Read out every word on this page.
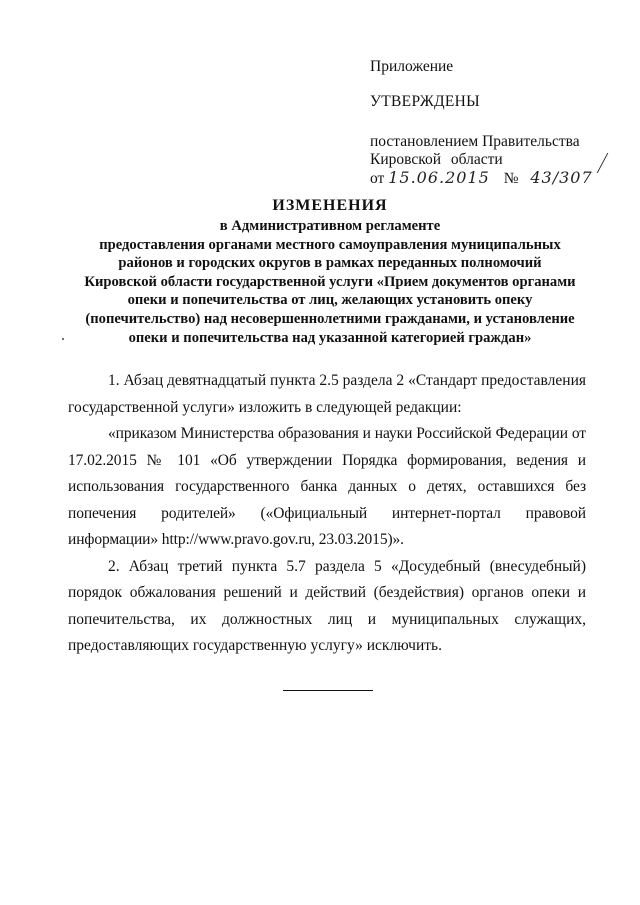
Приложение
УТВЕРЖДЕНЫ
постановлением Правительства
Кировской области
от 15.06.2015 № 43/307
ИЗМЕНЕНИЯ
в Административном регламенте
предоставления органами местного самоуправления муниципальных
районов и городских округов в рамках переданных полномочий
Кировской области государственной услуги «Прием документов органами
опеки и попечительства от лиц, желающих установить опеку
(попечительство) над несовершеннолетними гражданами, и установление
опеки и попечительства над указанной категорией граждан»

1. Абзац девятнадцатый пункта 2.5 раздела 2 «Стандарт предоставления государственной услуги» изложить в следующей редакции:

«приказом Министерства образования и науки Российской Федерации от 17.02.2015 № 101 «Об утверждении Порядка формирования, ведения и использования государственного банка данных о детях, оставшихся без попечения родителей» («Официальный интернет-портал правовой информации» http://www.pravo.gov.ru, 23.03.2015)».

2. Абзац третий пункта 5.7 раздела 5 «Досудебный (внесудебный) порядок обжалования решений и действий (бездействия) органов опеки и попечительства, их должностных лиц и муниципальных служащих, предоставляющих государственную услугу» исключить.
